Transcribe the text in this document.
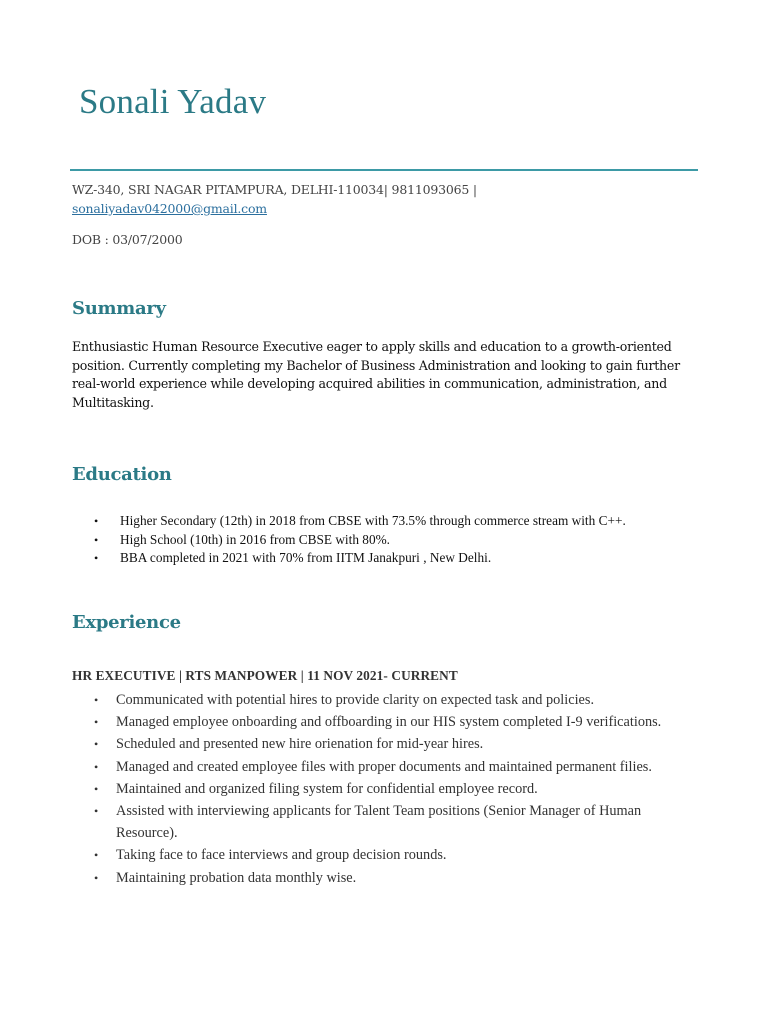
Sonali Yadav
WZ-340, SRI NAGAR PITAMPURA, DELHI-110034| 9811093065 |
sonaliyadav042000@gmail.com
DOB : 03/07/2000
Summary

Enthusiastic Human Resource Executive eager to apply skills and education to a growth-oriented position. Currently completing my Bachelor of Business Administration and looking to gain further real-world experience while developing acquired abilities in communication, administration, and Multitasking.

Education
• Higher Secondary (12th) in 2018 from CBSE with 73.5% through commerce stream with C++.
• High School (10th) in 2016 from CBSE with 80%.
• BBA completed in 2021 with 70% from IITM Janakpuri , New Delhi.
Experience
HR EXECUTIVE | RTS MANPOWER | 11 NOV 2021- CURRENT
• Communicated with potential hires to provide clarity on expected task and policies.
• Managed employee onboarding and offboarding in our HIS system completed I-9 verifications.
• Scheduled and presented new hire orienation for mid-year hires.
• Managed and created employee files with proper documents and maintained permanent filies.
• Maintained and organized filing system for confidential employee record.
• Assisted with interviewing applicants for Talent Team positions (Senior Manager of Human Resource).
• Taking face to face interviews and group decision rounds.
• Maintaining probation data monthly wise.
